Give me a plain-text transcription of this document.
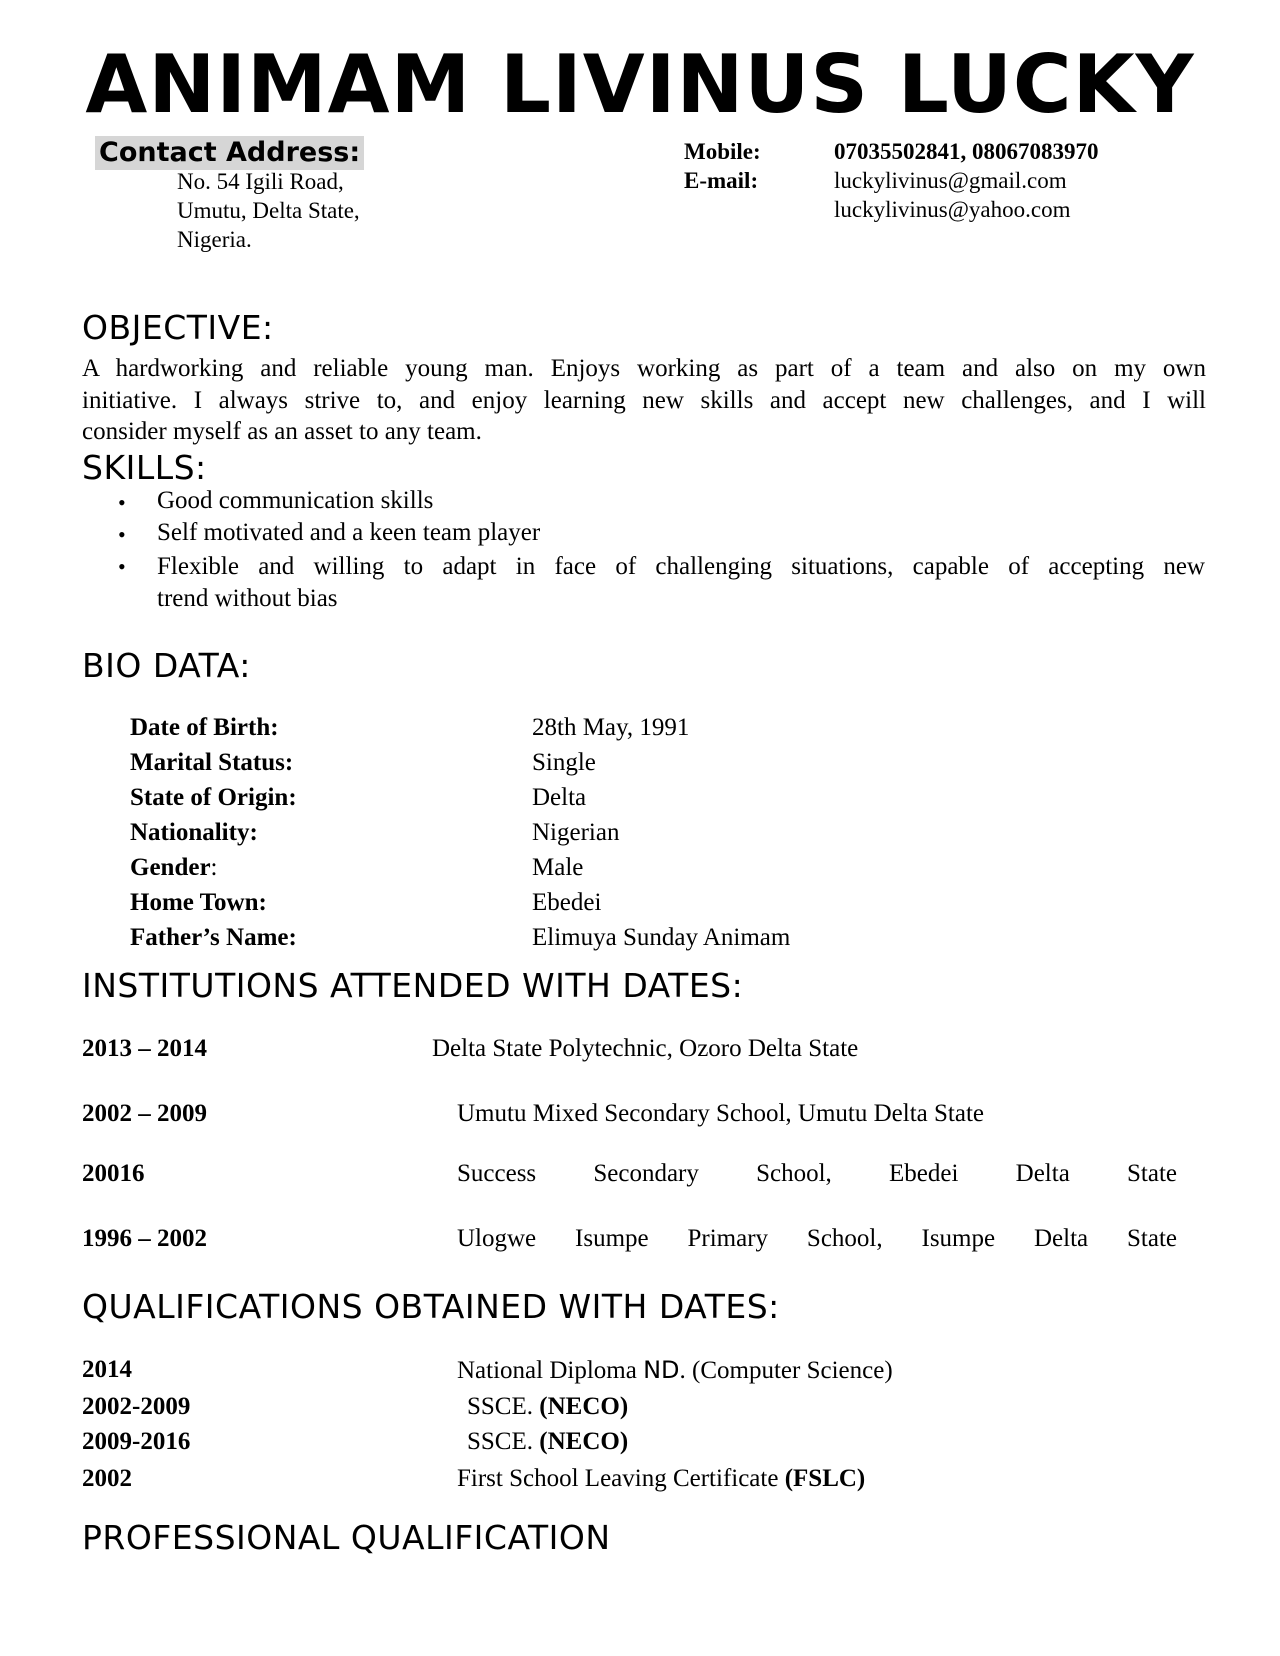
ANIMAM LIVINUS LUCKY
Contact Address:
No. 54 Igili Road,
Umutu, Delta State,
Nigeria.
Mobile:	07035502841, 08067083970
E-mail:	luckylivinus@gmail.com
luckylivinus@yahoo.com
OBJECTIVE:
A hardworking and reliable young man. Enjoys working as part of a team and also on my own
initiative. I always strive to, and enjoy learning new skills and accept new challenges, and I will
consider myself as an asset to any team.
SKILLS:
• Good communication skills
• Self motivated and a keen team player
• Flexible and willing to adapt in face of challenging situations, capable of accepting new
trend without bias
BIO DATA:
Date of Birth:	28th May, 1991
Marital Status:	Single
State of Origin:	Delta
Nationality:	Nigerian
Gender:	Male
Home Town:	Ebedei
Father’s Name:	Elimuya Sunday Animam
INSTITUTIONS ATTENDED WITH DATES:
2013 – 2014	Delta State Polytechnic, Ozoro Delta State
2002 – 2009	Umutu Mixed Secondary School, Umutu Delta State
20016	Success Secondary School, Ebedei Delta State
1996 – 2002	Ulogwe Isumpe Primary School, Isumpe Delta State
QUALIFICATIONS OBTAINED WITH DATES:
2014	National Diploma ND. (Computer Science)
2002-2009	SSCE. (NECO)
2009-2016	SSCE. (NECO)
2002	First School Leaving Certificate (FSLC)
PROFESSIONAL QUALIFICATION
